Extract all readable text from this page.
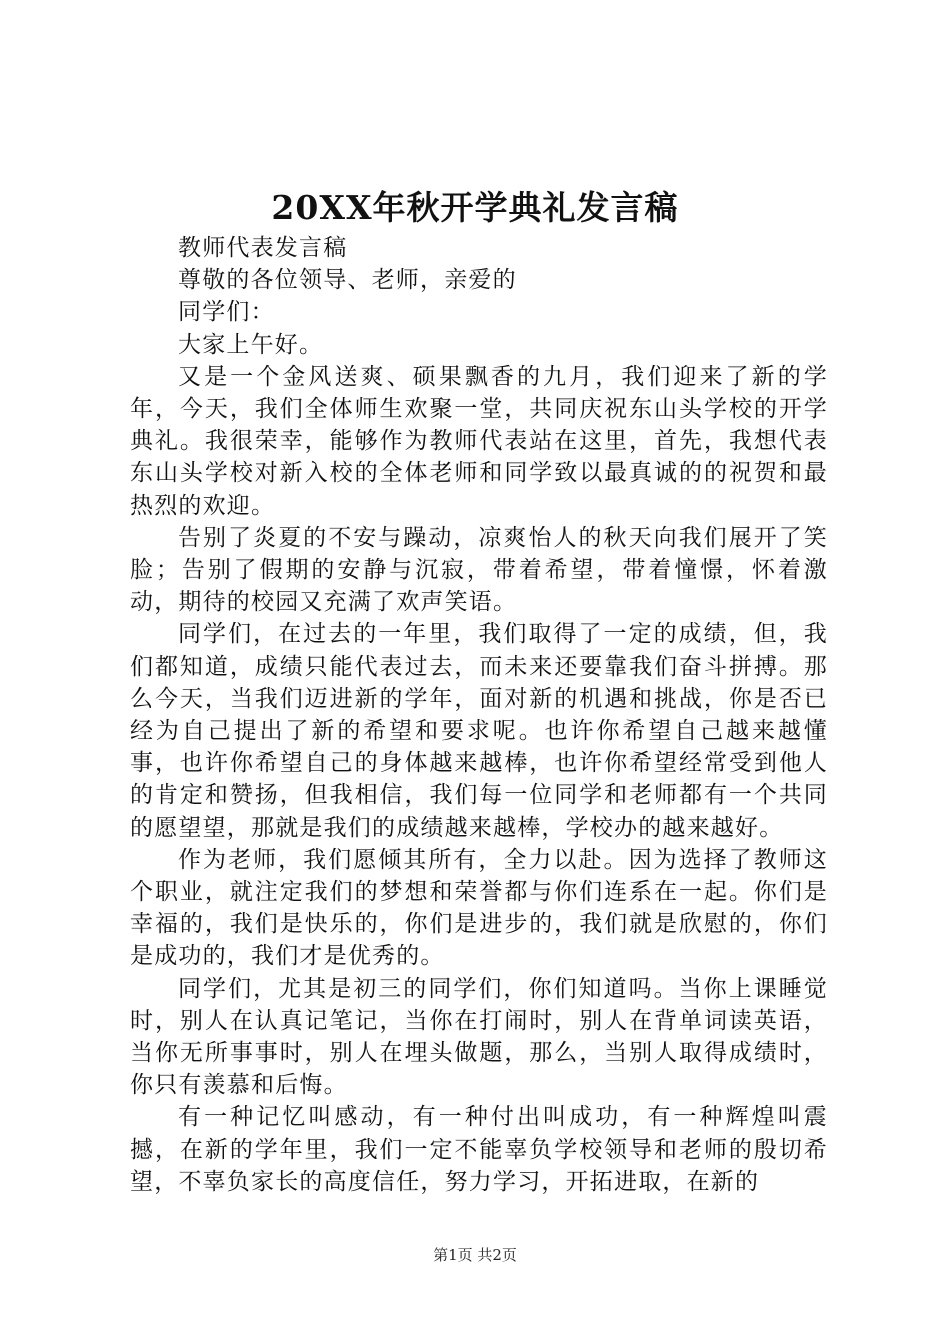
20XX年秋开学典礼发言稿

教师代表发言稿

尊敬的各位领导、老师，亲爱的

同学们：

大家上午好。

又是一个金风送爽、硕果飘香的九月，我们迎来了新的学年，今天，我们全体师生欢聚一堂，共同庆祝东山头学校的开学典礼。我很荣幸，能够作为教师代表站在这里，首先，我想代表东山头学校对新入校的全体老师和同学致以最真诚的的祝贺和最热烈的欢迎。

告别了炎夏的不安与躁动，凉爽怡人的秋天向我们展开了笑脸；告别了假期的安静与沉寂，带着希望，带着憧憬，怀着激动，期待的校园又充满了欢声笑语。

同学们，在过去的一年里，我们取得了一定的成绩，但，我们都知道，成绩只能代表过去，而未来还要靠我们奋斗拼搏。那么今天，当我们迈进新的学年，面对新的机遇和挑战，你是否已经为自己提出了新的希望和要求呢。也许你希望自己越来越懂事，也许你希望自己的身体越来越棒，也许你希望经常受到他人的肯定和赞扬，但我相信，我们每一位同学和老师都有一个共同的愿望望，那就是我们的成绩越来越棒，学校办的越来越好。

作为老师，我们愿倾其所有，全力以赴。因为选择了教师这个职业，就注定我们的梦想和荣誉都与你们连系在一起。你们是幸福的，我们是快乐的，你们是进步的，我们就是欣慰的，你们是成功的，我们才是优秀的。

同学们，尤其是初三的同学们，你们知道吗。当你上课睡觉时，别人在认真记笔记，当你在打闹时，别人在背单词读英语，当你无所事事时，别人在埋头做题，那么，当别人取得成绩时，你只有羡慕和后悔。

有一种记忆叫感动，有一种付出叫成功，有一种辉煌叫震撼，在新的学年里，我们一定不能辜负学校领导和老师的殷切希望，不辜负家长的高度信任，努力学习，开拓进取，在新的

第1页 共2页
